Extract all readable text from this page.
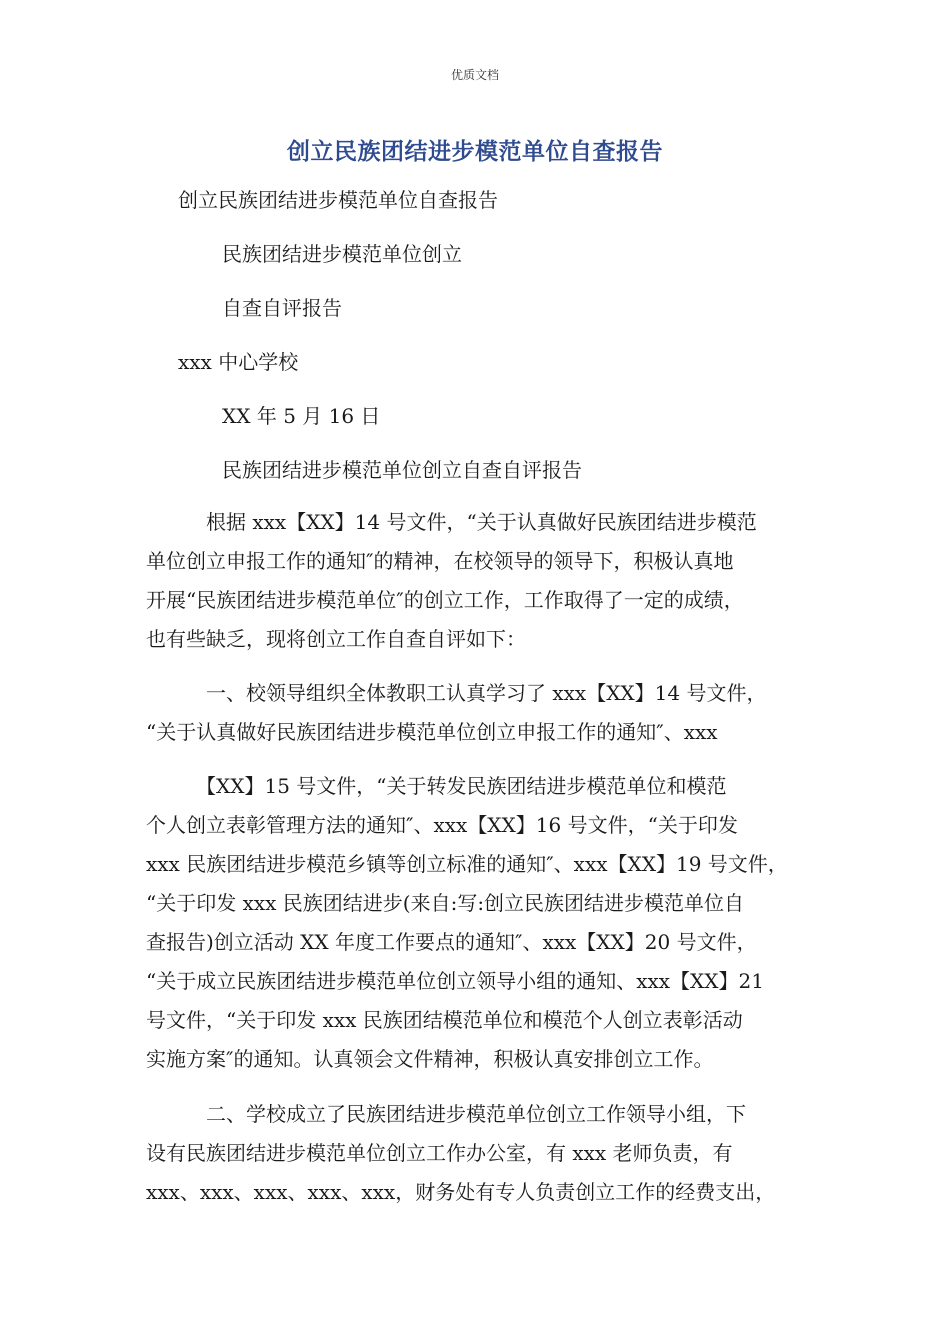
优质文档
创立民族团结进步模范单位自查报告
创立民族团结进步模范单位自查报告
民族团结进步模范单位创立
自查自评报告
xxx 中心学校
XX 年 5 月 16 日
民族团结进步模范单位创立自查自评报告
　　　根据 xxx【XX】14 号文件，“关于认真做好民族团结进步模范
单位创立申报工作的通知″的精神，在校领导的领导下，积极认真地
开展“民族团结进步模范单位″的创立工作，工作取得了一定的成绩，
也有些缺乏，现将创立工作自查自评如下：
　　　一、校领导组织全体教职工认真学习了 xxx【XX】14 号文件，
“关于认真做好民族团结进步模范单位创立申报工作的通知″、xxx
　　　【XX】15 号文件，“关于转发民族团结进步模范单位和模范
个人创立表彰管理方法的通知″、xxx【XX】16 号文件，“关于印发
xxx 民族团结进步模范乡镇等创立标准的通知″、xxx【XX】19 号文件，
“关于印发 xxx 民族团结进步(来自:写:创立民族团结进步模范单位自
查报告)创立活动 XX 年度工作要点的通知″、xxx【XX】20 号文件，
“关于成立民族团结进步模范单位创立领导小组的通知、xxx【XX】21
号文件，“关于印发 xxx 民族团结模范单位和模范个人创立表彰活动
实施方案″的通知。认真领会文件精神，积极认真安排创立工作。
　　　二、学校成立了民族团结进步模范单位创立工作领导小组，下
设有民族团结进步模范单位创立工作办公室，有 xxx 老师负责，有
xxx、xxx、xxx、xxx、xxx，财务处有专人负责创立工作的经费支出，
